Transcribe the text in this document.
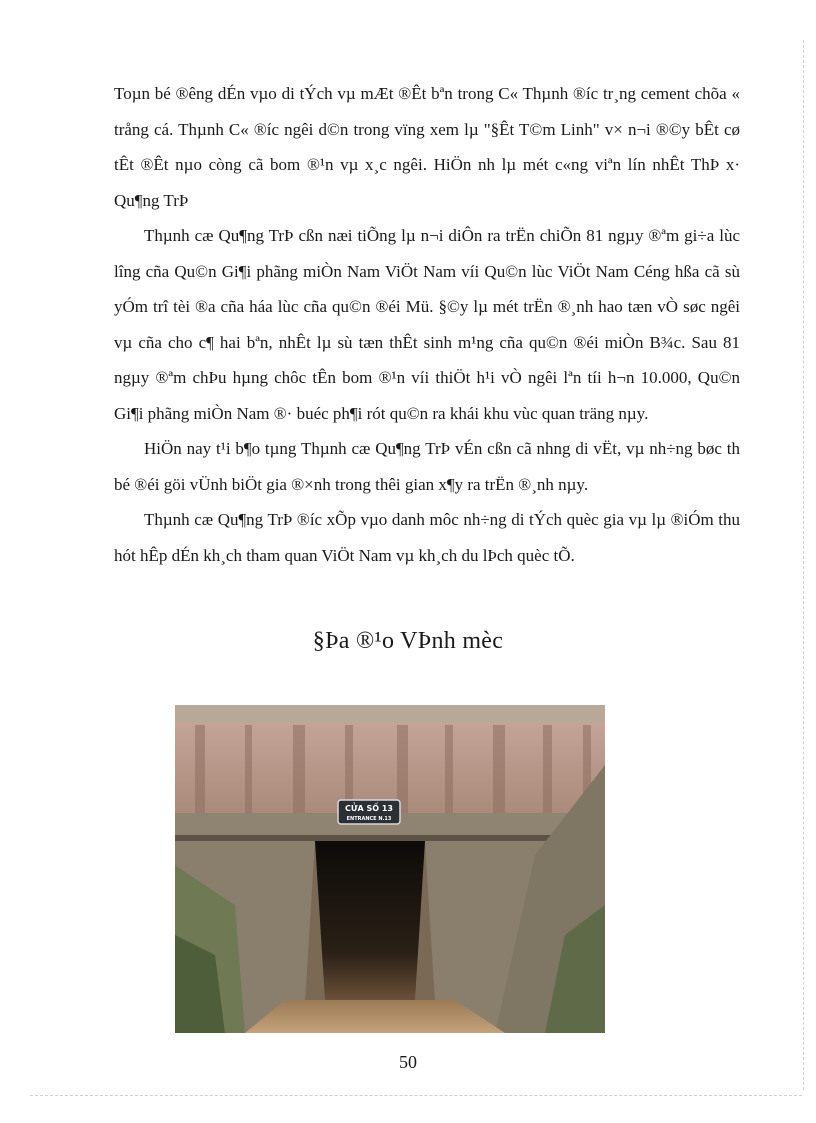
Toµn bé ®êng dÉn vµo di tÝch vµ mÆt ®Êt bªn trong C« Thµnh ®íc tr¸ng cement chõa « trång cá. Thµnh C« ®íc ngêi d©n trong vïng xem lµ "§Êt T©m Linh" v× n¬i ®©y bÊt cø tÊt ®Êt nµo còng cã bom ®¹n vµ x¸c ngêi. HiÖn nh lµ mét c«ng viªn lín nhÊt ThÞ x· Qu¶ng TrÞ

Thµnh cæ Qu¶ng TrÞ cßn næi tiÕng lµ n¬i diÔn ra trËn chiÕn 81 ngµy ®ªm gi÷a lùc lîng cña Qu©n Gi¶i phãng miÒn Nam ViÖt Nam víi Qu©n lùc ViÖt Nam Céng hßa cã sù yÓm trî tèi ®a cña háa lùc cña qu©n ®éi Mü. §©y lµ mét trËn ®¸nh hao tæn vÒ søc ngêi vµ cña cho c¶ hai bªn, nhÊt lµ sù tæn thÊt sinh m¹ng cña qu©n ®éi miÒn B¾c. Sau 81 ngµy ®ªm chÞu hµng chôc tÊn bom ®¹n víi thiÖt h¹i vÒ ngêi lªn tíi h¬n 10.000, Qu©n Gi¶i phãng miÒn Nam ®· buéc ph¶i rót qu©n ra khái khu vùc quan träng nµy.

HiÖn nay t¹i b¶o tµng Thµnh cæ Qu¶ng TrÞ vÉn cßn cã nhng di vËt, vµ nh÷ng bøc th bé ®éi göi vÜnh biÖt gia ®×nh trong thêi gian x¶y ra trËn ®¸nh nµy.

Thµnh cæ Qu¶ng TrÞ ®íc xÕp vµo danh môc nh÷ng di tÝch quèc gia vµ lµ ®iÓm thu hót hÊp dÉn kh¸ch tham quan ViÖt Nam vµ kh¸ch du lÞch quèc tÕ.

§Þa ®¹o VÞnh mèc
CỬA SỐ 13
ENTRANCE N.13

50
